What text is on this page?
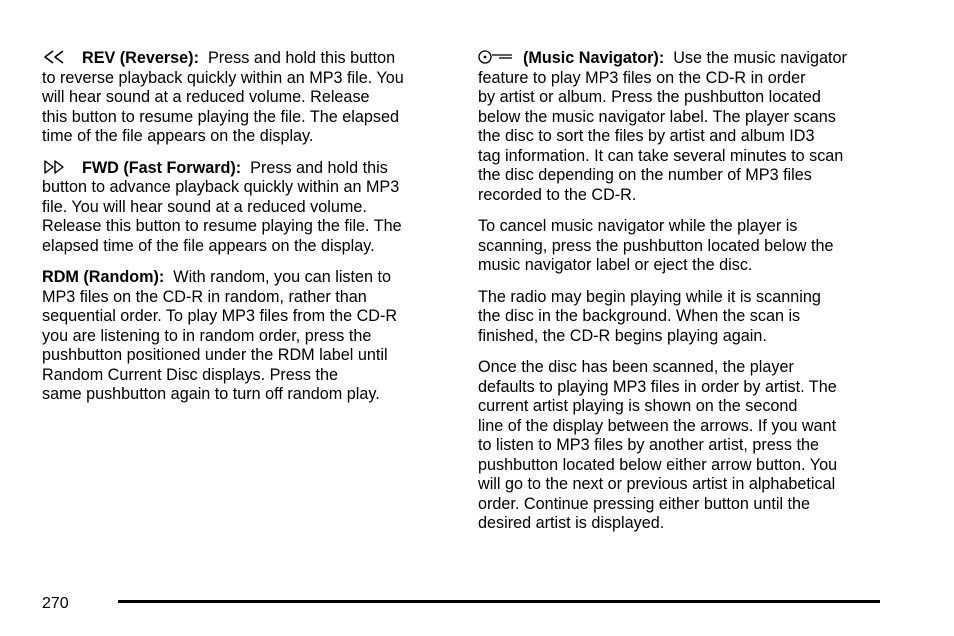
REV (Reverse): Press and hold this button
to reverse playback quickly within an MP3 file. You
will hear sound at a reduced volume. Release
this button to resume playing the file. The elapsed
time of the file appears on the display.

FWD (Fast Forward): Press and hold this
button to advance playback quickly within an MP3
file. You will hear sound at a reduced volume.
Release this button to resume playing the file. The
elapsed time of the file appears on the display.

RDM (Random): With random, you can listen to
MP3 files on the CD-R in random, rather than
sequential order. To play MP3 files from the CD-R
you are listening to in random order, press the
pushbutton positioned under the RDM label until
Random Current Disc displays. Press the
same pushbutton again to turn off random play.

(Music Navigator): Use the music navigator
feature to play MP3 files on the CD-R in order
by artist or album. Press the pushbutton located
below the music navigator label. The player scans
the disc to sort the files by artist and album ID3
tag information. It can take several minutes to scan
the disc depending on the number of MP3 files
recorded to the CD-R.

To cancel music navigator while the player is
scanning, press the pushbutton located below the
music navigator label or eject the disc.

The radio may begin playing while it is scanning
the disc in the background. When the scan is
finished, the CD-R begins playing again.

Once the disc has been scanned, the player
defaults to playing MP3 files in order by artist. The
current artist playing is shown on the second
line of the display between the arrows. If you want
to listen to MP3 files by another artist, press the
pushbutton located below either arrow button. You
will go to the next or previous artist in alphabetical
order. Continue pressing either button until the
desired artist is displayed.

270
